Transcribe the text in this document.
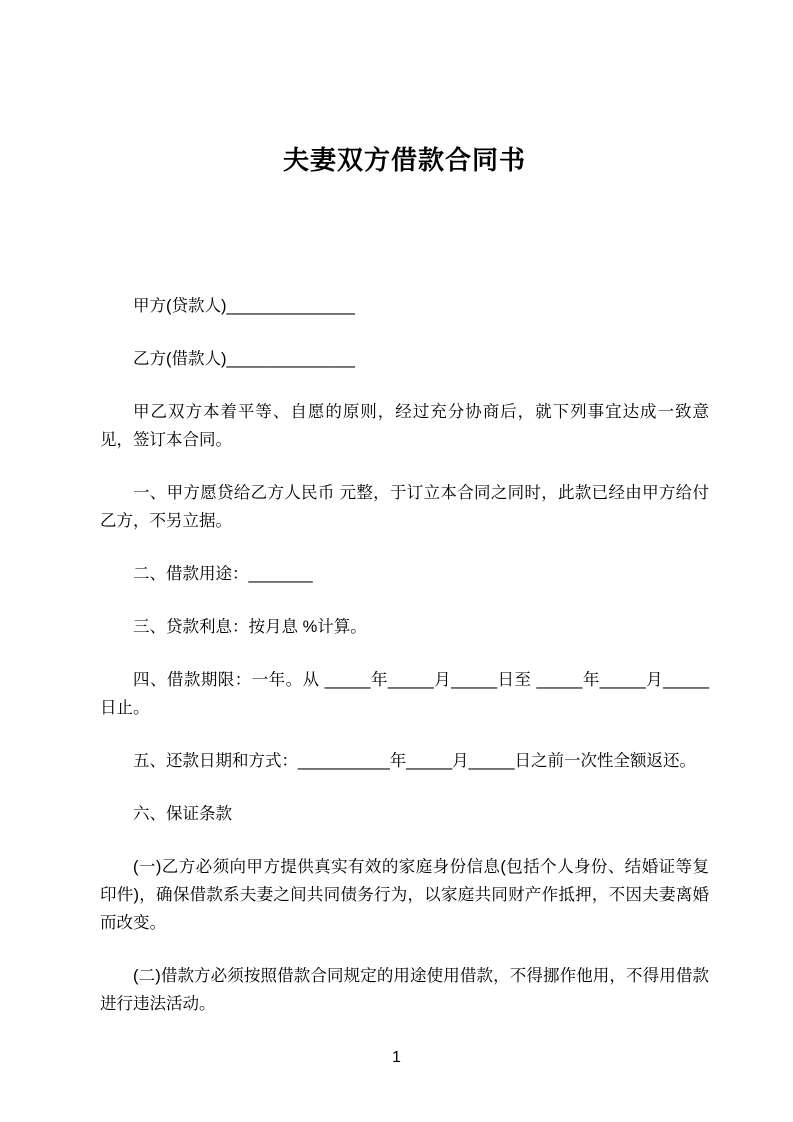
夫妻双方借款合同书

甲方(贷款人)______________

乙方(借款人)______________

甲乙双方本着平等、自愿的原则，经过充分协商后，就下列事宜达成一致意见，签订本合同。

一、甲方愿贷给乙方人民币 元整，于订立本合同之同时，此款已经由甲方给付乙方，不另立据。

二、借款用途：_______

三、贷款利息：按月息 %计算。

四、借款期限：一年。从 _____年_____月_____日至 _____年_____月_____日止。

五、还款日期和方式：__________年_____月_____日之前一次性全额返还。

六、保证条款

(一)乙方必须向甲方提供真实有效的家庭身份信息(包括个人身份、结婚证等复印件)，确保借款系夫妻之间共同债务行为，以家庭共同财产作抵押，不因夫妻离婚而改变。

(二)借款方必须按照借款合同规定的用途使用借款，不得挪作他用，不得用借款进行违法活动。

1
